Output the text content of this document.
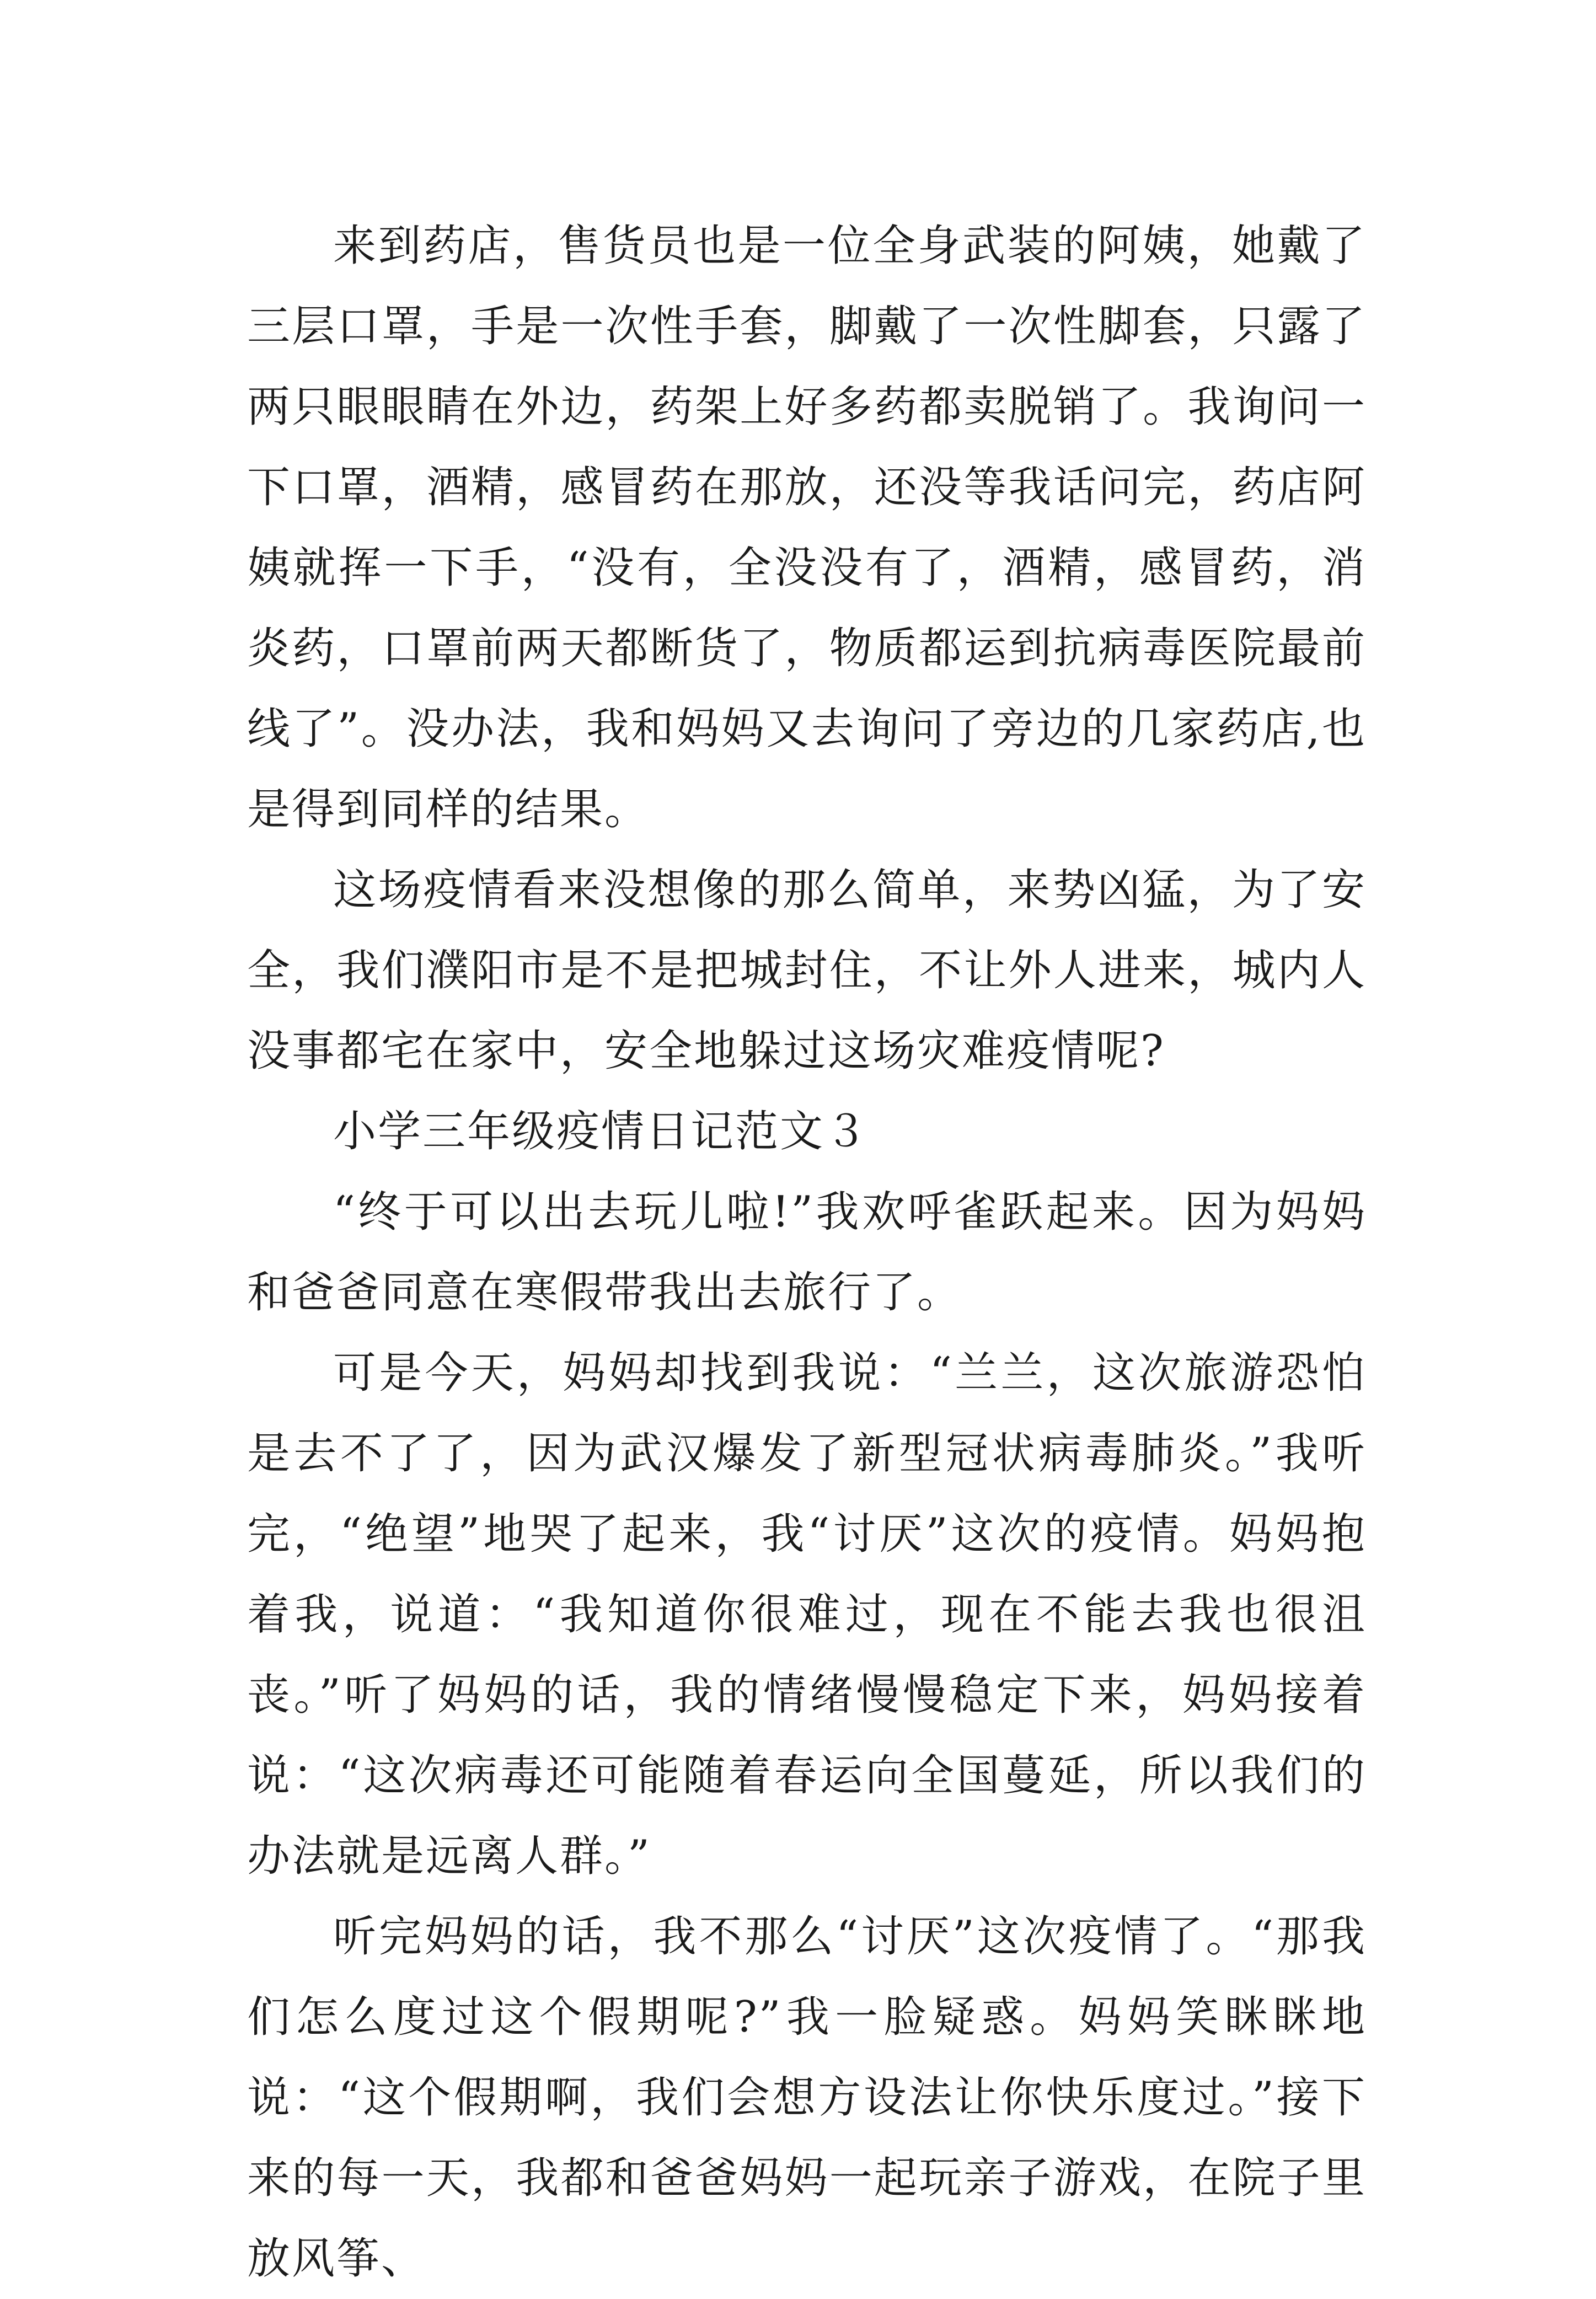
来到药店，售货员也是一位全身武装的阿姨，她戴了三层口罩，手是一次性手套，脚戴了一次性脚套，只露了两只眼眼睛在外边，药架上好多药都卖脱销了。我询问一下口罩，酒精，感冒药在那放，还没等我话问完，药店阿姨就挥一下手，“没有，全没没有了，酒精，感冒药，消炎药，口罩前两天都断货了，物质都运到抗病毒医院最前线了”。没办法，我和妈妈又去询问了旁边的几家药店,也是得到同样的结果。

这场疫情看来没想像的那么简单，来势凶猛，为了安全，我们濮阳市是不是把城封住，不让外人进来，城内人没事都宅在家中，安全地躲过这场灾难疫情呢?

小学三年级疫情日记范文３

“终于可以出去玩儿啦!”我欢呼雀跃起来。因为妈妈和爸爸同意在寒假带我出去旅行了。

可是今天，妈妈却找到我说：“兰兰，这次旅游恐怕是去不了了，因为武汉爆发了新型冠状病毒肺炎。”我听完，“绝望”地哭了起来，我“讨厌”这次的疫情。妈妈抱着我，说道：“我知道你很难过，现在不能去我也很沮丧。”听了妈妈的话，我的情绪慢慢稳定下来，妈妈接着说：“这次病毒还可能随着春运向全国蔓延，所以我们的办法就是远离人群。”

听完妈妈的话，我不那么“讨厌”这次疫情了。“那我们怎么度过这个假期呢?”我一脸疑惑。妈妈笑眯眯地说：“这个假期啊，我们会想方设法让你快乐度过。”接下来的每一天，我都和爸爸妈妈一起玩亲子游戏，在院子里放风筝、
